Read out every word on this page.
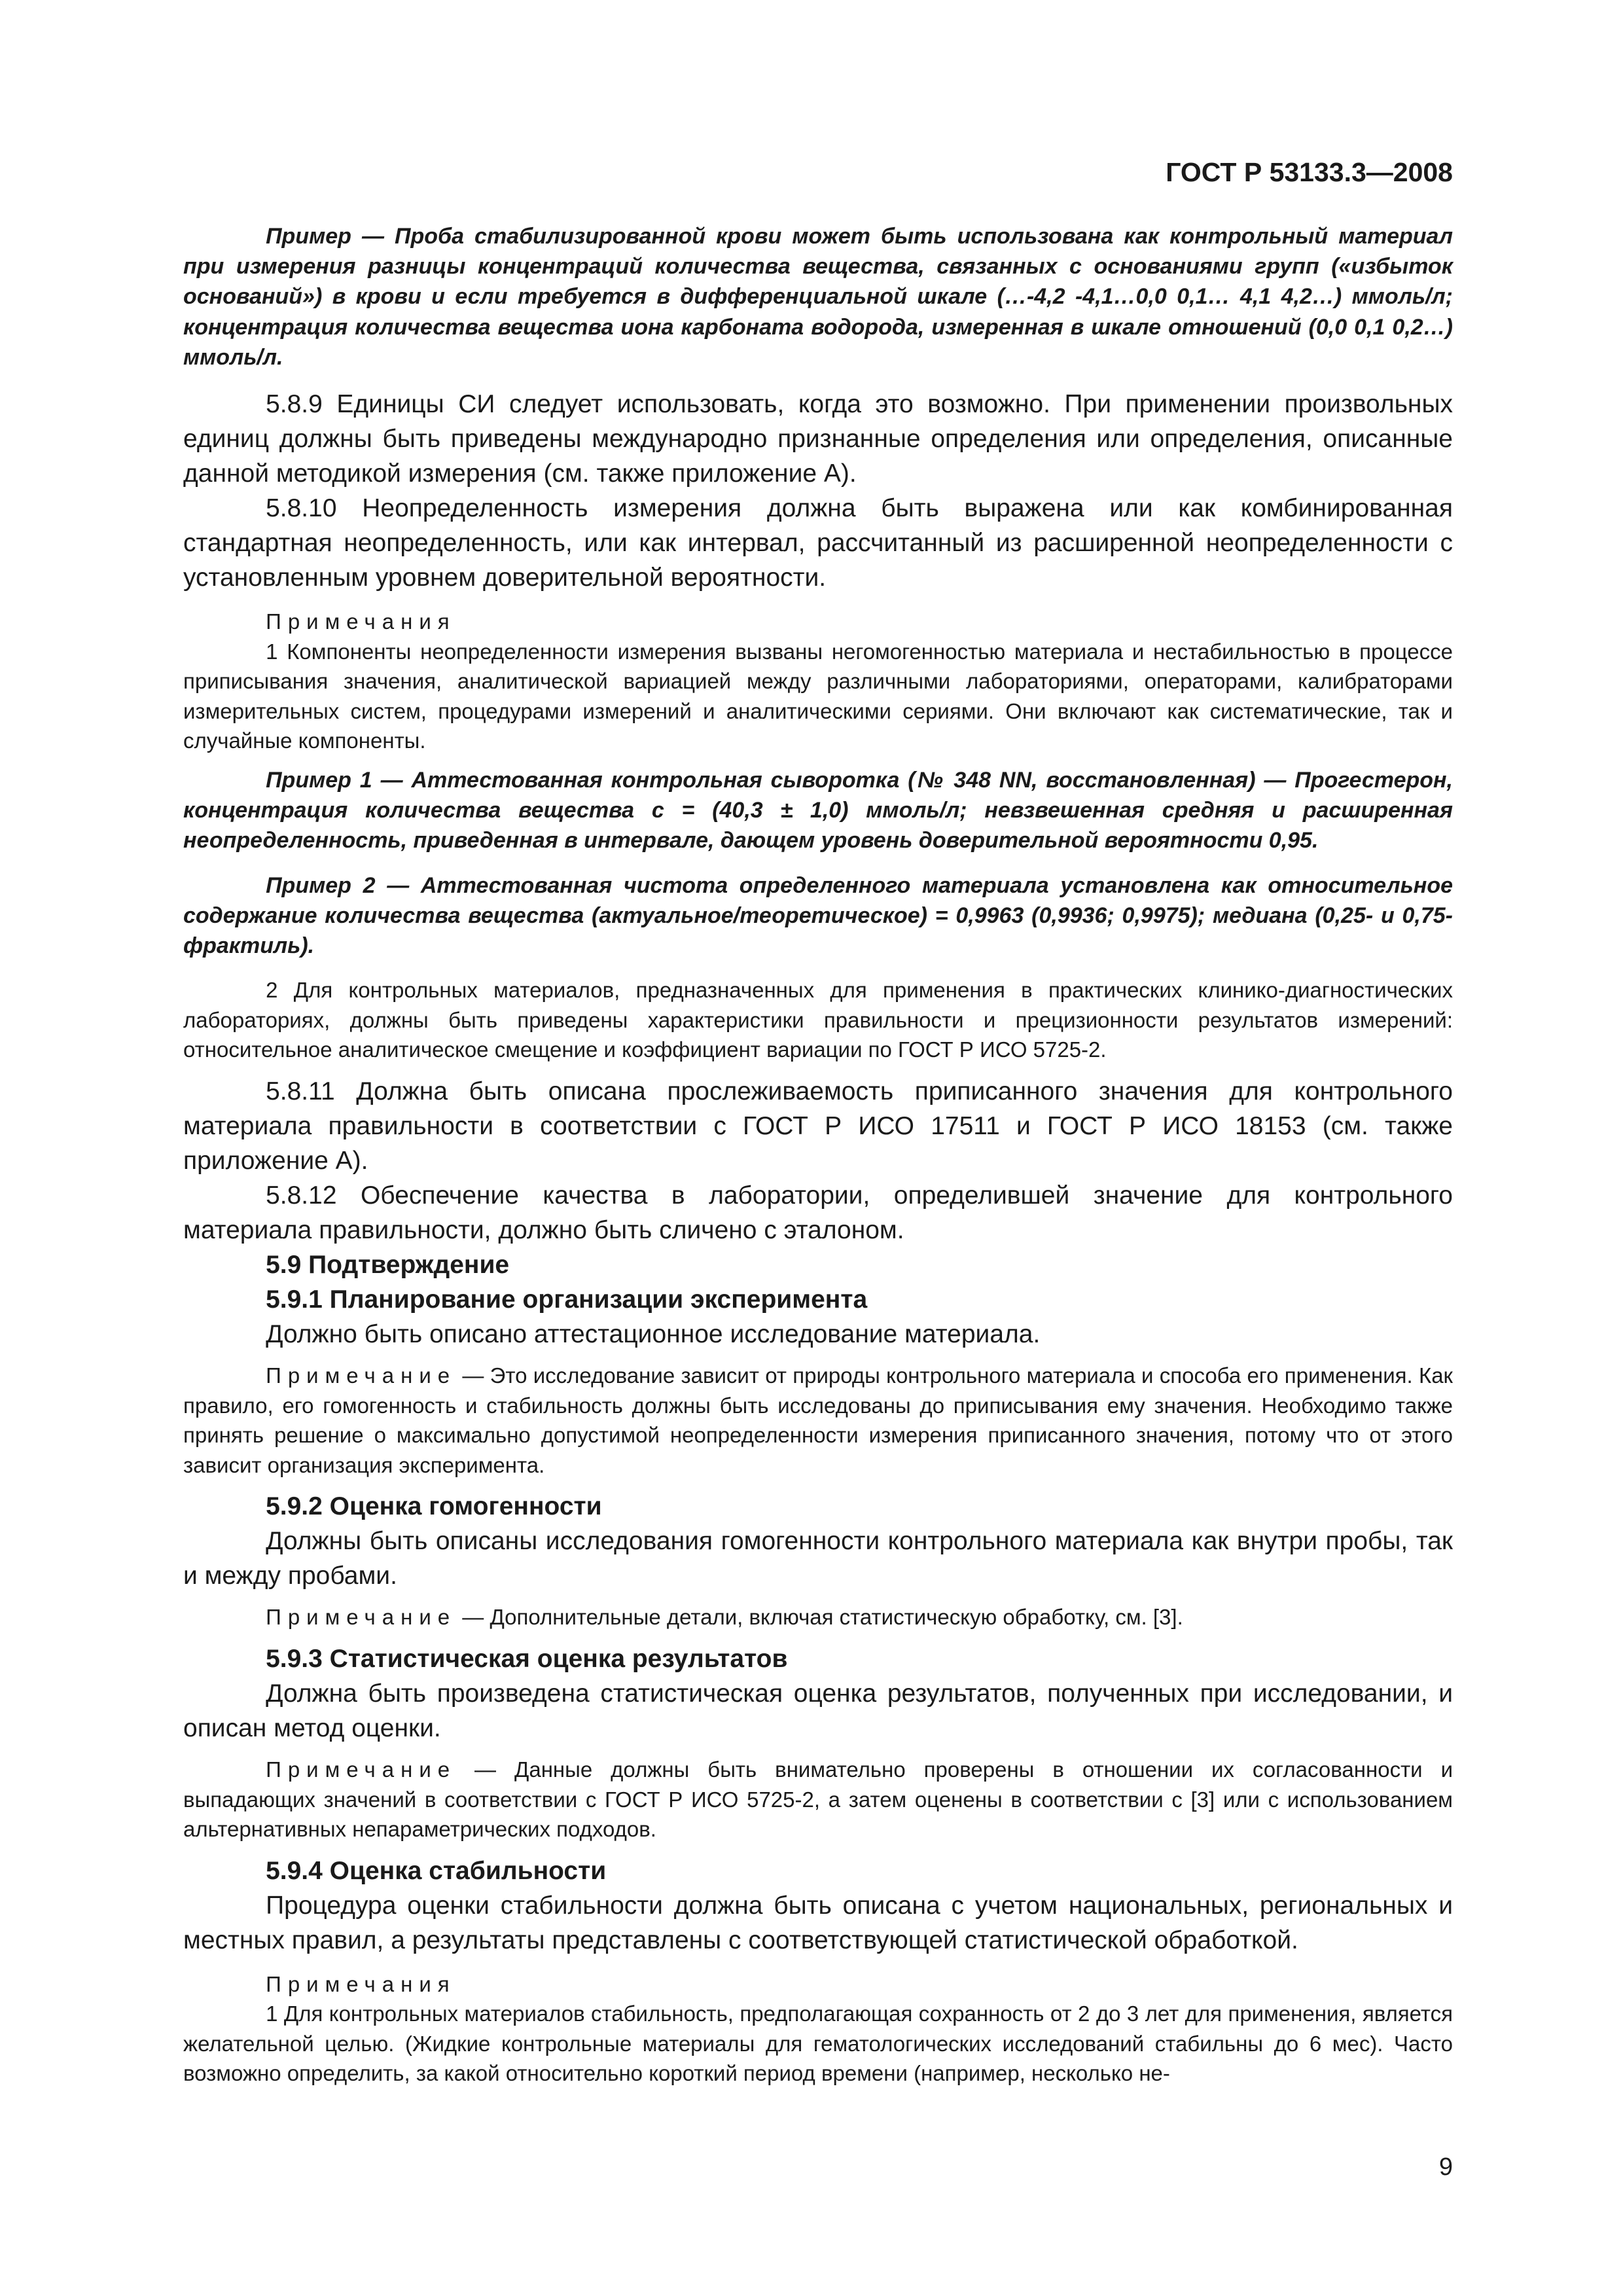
ГОСТ Р 53133.3—2008

Пример — Проба стабилизированной крови может быть использована как контрольный материал при измерения разницы концентраций количества вещества, связанных с основаниями групп («избыток оснований») в крови и если требуется в дифференциальной шкале (…-4,2 -4,1…0,0 0,1… 4,1 4,2…) ммоль/л; концентрация количества вещества иона карбоната водорода, измеренная в шкале отношений (0,0 0,1 0,2…) ммоль/л.

5.8.9 Единицы СИ следует использовать, когда это возможно. При применении произвольных единиц должны быть приведены международно признанные определения или определения, описанные данной методикой измерения (см. также приложение А).

5.8.10 Неопределенность измерения должна быть выражена или как комбинированная стандартная неопределенность, или как интервал, рассчитанный из расширенной неопределенности с установленным уровнем доверительной вероятности.

Примечания

1 Компоненты неопределенности измерения вызваны негомогенностью материала и нестабильностью в процессе приписывания значения, аналитической вариацией между различными лабораториями, операторами, калибраторами измерительных систем, процедурами измерений и аналитическими сериями. Они включают как систематические, так и случайные компоненты.

Пример 1 — Аттестованная контрольная сыворотка (№ 348 NN, восстановленная) — Прогестерон, концентрация количества вещества с = (40,3 ± 1,0) ммоль/л; невзвешенная средняя и расширенная неопределенность, приведенная в интервале, дающем уровень доверительной вероятности 0,95.

Пример 2 — Аттестованная чистота определенного материала установлена как относительное содержание количества вещества (актуальное/теоретическое) = 0,9963 (0,9936; 0,9975); медиана (0,25- и 0,75-фрактиль).

2 Для контрольных материалов, предназначенных для применения в практических клинико-диагностических лабораториях, должны быть приведены характеристики правильности и прецизионности результатов измерений: относительное аналитическое смещение и коэффициент вариации по ГОСТ Р ИСО 5725-2.

5.8.11 Должна быть описана прослеживаемость приписанного значения для контрольного материала правильности в соответствии с ГОСТ Р ИСО 17511 и ГОСТ Р ИСО 18153 (см. также приложение А).

5.8.12 Обеспечение качества в лаборатории, определившей значение для контрольного материала правильности, должно быть сличено с эталоном.

5.9 Подтверждение

5.9.1 Планирование организации эксперимента

Должно быть описано аттестационное исследование материала.

Примечание — Это исследование зависит от природы контрольного материала и способа его применения. Как правило, его гомогенность и стабильность должны быть исследованы до приписывания ему значения. Необходимо также принять решение о максимально допустимой неопределенности измерения приписанного значения, потому что от этого зависит организация эксперимента.

5.9.2 Оценка гомогенности

Должны быть описаны исследования гомогенности контрольного материала как внутри пробы, так и между пробами.

Примечание — Дополнительные детали, включая статистическую обработку, см. [3].

5.9.3 Статистическая оценка результатов

Должна быть произведена статистическая оценка результатов, полученных при исследовании, и описан метод оценки.

Примечание — Данные должны быть внимательно проверены в отношении их согласованности и выпадающих значений в соответствии с ГОСТ Р ИСО 5725-2, а затем оценены в соответствии с [3] или с использованием альтернативных непараметрических подходов.

5.9.4 Оценка стабильности

Процедура оценки стабильности должна быть описана с учетом национальных, региональных и местных правил, а результаты представлены с соответствующей статистической обработкой.

Примечания

1 Для контрольных материалов стабильность, предполагающая сохранность от 2 до 3 лет для применения, является желательной целью. (Жидкие контрольные материалы для гематологических исследований стабильны до 6 мес). Часто возможно определить, за какой относительно короткий период времени (например, несколько не-

9
